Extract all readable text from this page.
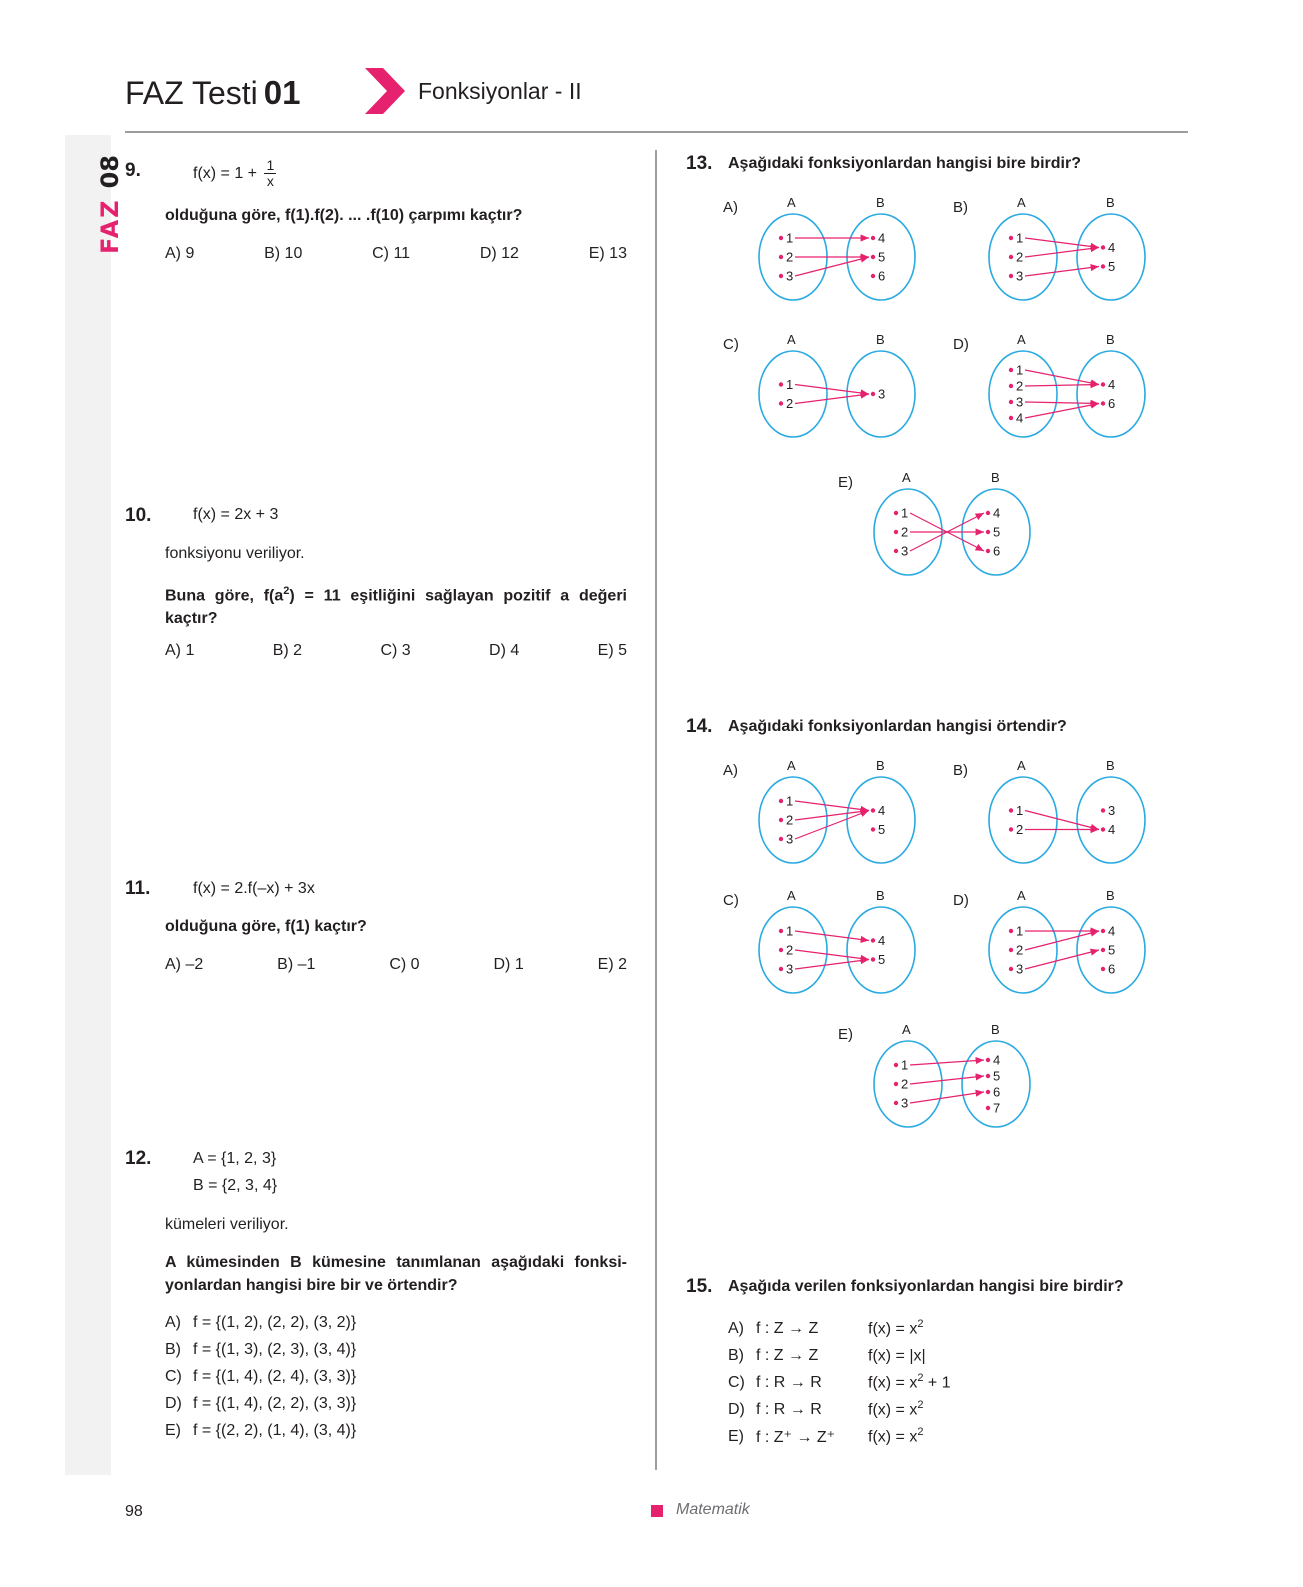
FAZ
08
FAZ Testi 01	Fonksiyonlar - II
9.	$f(x) = 1 + \frac{1}{x}$
olduğuna göre, f(1).f(2). ... .f(10) çarpımı kaçtır?
A) 9	B) 10	C) 11	D) 12	E) 13
10.	f(x) = 2x + 3
fonksiyonu veriliyor.
Buna göre, $f(a^2) = 11$ eşitliğini sağlayan pozitif a değeri kaçtır?
A) 1	B) 2	C) 3	D) 4	E) 5
11.	f(x) = 2.f(–x) + 3x
olduğuna göre, f(1) kaçtır?
A) –2	B) –1	C) 0	D) 1	E) 2
12.	A = {1, 2, 3}
B = {2, 3, 4}
kümeleri veriliyor.
A kümesinden B kümesine tanımlanan aşağıdaki fonksi-yonlardan hangisi bire bir ve örtendir?
A) f = {(1, 2), (2, 2), (3, 2)}
B) f = {(1, 3), (2, 3), (3, 4)}
C) f = {(1, 4), (2, 4), (3, 3)}
D) f = {(1, 4), (2, 2), (3, 3)}
E) f = {(2, 2), (1, 4), (3, 4)}
13. Aşağıdaki fonksiyonlardan hangisi bire birdir?
A)	A	B
1
2
3
4
5
6
B)	A	B
1
2
3
4
5
C)	A	B
1
2
3
D)	A	B
1
2
3
4
4
6
E)	A	B
1
2
3
4
5
6
14. Aşağıdaki fonksiyonlardan hangisi örtendir?
A)	A	B
1
2
3
4
5
B)	A	B
1
2
3
4
C)	A	B
1
2
3
4
5
D)	A	B
1
2
3
4
5
6
E)	A	B
1
2
3
4
5
6
7
15. Aşağıda verilen fonksiyonlardan hangisi bire birdir?
A) f : Z → Z	$f(x) = x^2$
B) f : Z → Z	f(x) = |x|
C) f : R → R	$f(x) = x^2 + 1$
D) f : R → R	$f(x) = x^2$
E) f : Z⁺ → Z⁺	$f(x) = x^2$
98	Matematik
